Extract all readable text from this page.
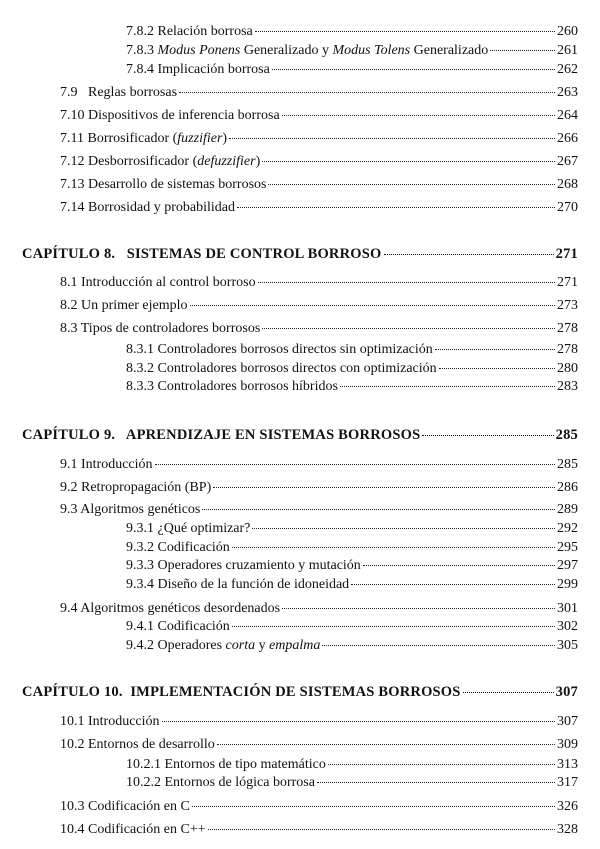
7.8.2 Relación borrosa	260
7.8.3 Modus Ponens Generalizado y Modus Tolens Generalizado	261
7.8.4 Implicación borrosa	262
7.9   Reglas borrosas	263
7.10 Dispositivos de inferencia borrosa	264
7.11 Borrosificador (fuzzifier)	266
7.12 Desborrosificador (defuzzifier)	267
7.13 Desarrollo de sistemas borrosos	268
7.14 Borrosidad y probabilidad	270
CAPÍTULO 8.   SISTEMAS DE CONTROL BORROSO	271
8.1 Introducción al control borroso	271
8.2 Un primer ejemplo	273
8.3 Tipos de controladores borrosos	278
8.3.1 Controladores borrosos directos sin optimización	278
8.3.2 Controladores borrosos directos con optimización	280
8.3.3 Controladores borrosos híbridos	283
CAPÍTULO 9.   APRENDIZAJE EN SISTEMAS BORROSOS	285
9.1 Introducción	285
9.2 Retropropagación (BP)	286
9.3 Algoritmos genéticos	289
9.3.1 ¿Qué optimizar?	292
9.3.2 Codificación	295
9.3.3 Operadores cruzamiento y mutación	297
9.3.4 Diseño de la función de idoneidad	299
9.4 Algoritmos genéticos desordenados	301
9.4.1 Codificación	302
9.4.2 Operadores corta y empalma	305
CAPÍTULO 10.  IMPLEMENTACIÓN DE SISTEMAS BORROSOS	307
10.1 Introducción	307
10.2 Entornos de desarrollo	309
10.2.1 Entornos de tipo matemático	313
10.2.2 Entornos de lógica borrosa	317
10.3 Codificación en C	326
10.4 Codificación en C++	328
